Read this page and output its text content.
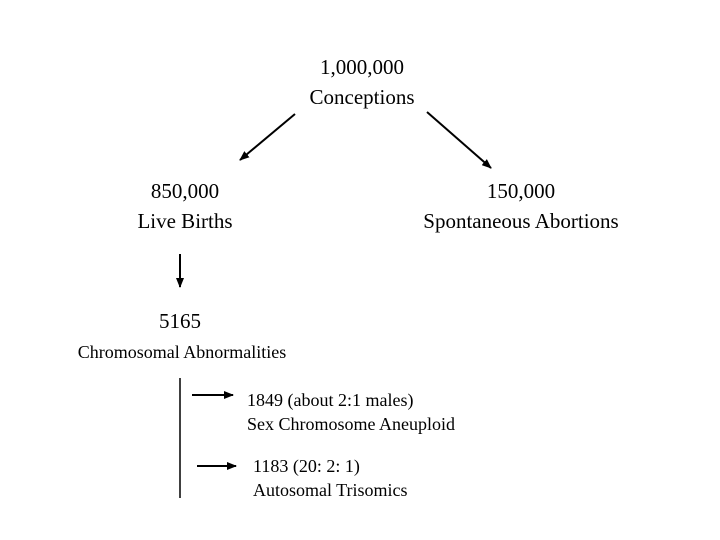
1,000,000
Conceptions
850,000
Live Births
150,000
Spontaneous Abortions
5165
Chromosomal Abnormalities
1849 (about 2:1 males)
Sex Chromosome Aneuploid
1183 (20: 2: 1)
Autosomal Trisomics
